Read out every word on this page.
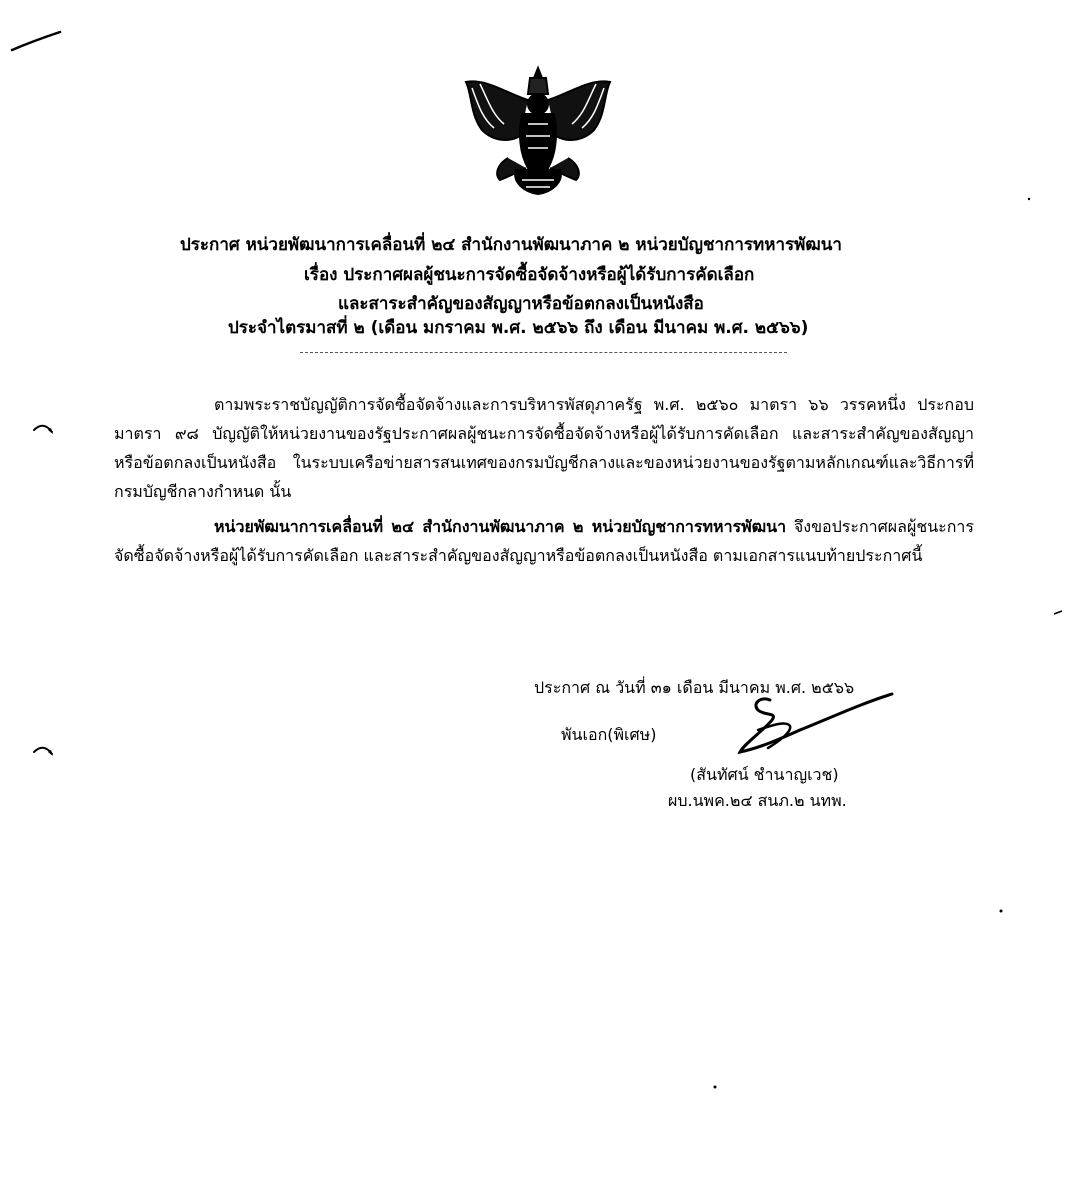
ประกาศ หน่วยพัฒนาการเคลื่อนที่ ๒๔ สำนักงานพัฒนาภาค ๒ หน่วยบัญชาการทหารพัฒนา
เรื่อง ประกาศผลผู้ชนะการจัดซื้อจัดจ้างหรือผู้ได้รับการคัดเลือก
และสาระสำคัญของสัญญาหรือข้อตกลงเป็นหนังสือ
ประจำไตรมาสที่ ๒ (เดือน มกราคม พ.ศ. ๒๕๖๖ ถึง เดือน มีนาคม พ.ศ. ๒๕๖๖)
ตามพระราชบัญญัติการจัดซื้อจัดจ้างและการบริหารพัสดุภาครัฐ พ.ศ. ๒๕๖๐ มาตรา ๖๖ วรรคหนึ่ง ประกอบมาตรา ๙๘ บัญญัติให้หน่วยงานของรัฐประกาศผลผู้ชนะการจัดซื้อจัดจ้างหรือผู้ได้รับการคัดเลือก และสาระสำคัญของสัญญาหรือข้อตกลงเป็นหนังสือ ในระบบเครือข่ายสารสนเทศของกรมบัญชีกลางและของหน่วยงานของรัฐตามหลักเกณฑ์และวิธีการที่กรมบัญชีกลางกำหนด นั้น
หน่วยพัฒนาการเคลื่อนที่ ๒๔ สำนักงานพัฒนาภาค ๒ หน่วยบัญชาการทหารพัฒนา จึงขอประกาศผลผู้ชนะการจัดซื้อจัดจ้างหรือผู้ได้รับการคัดเลือก และสาระสำคัญของสัญญาหรือข้อตกลงเป็นหนังสือ ตามเอกสารแนบท้ายประกาศนี้
ประกาศ ณ วันที่ ๓๑ เดือน มีนาคม พ.ศ. ๒๕๖๖
พันเอก(พิเศษ)
(สันทัศน์ ชำนาญเวช)
ผบ.นพค.๒๔ สนภ.๒ นทพ.
